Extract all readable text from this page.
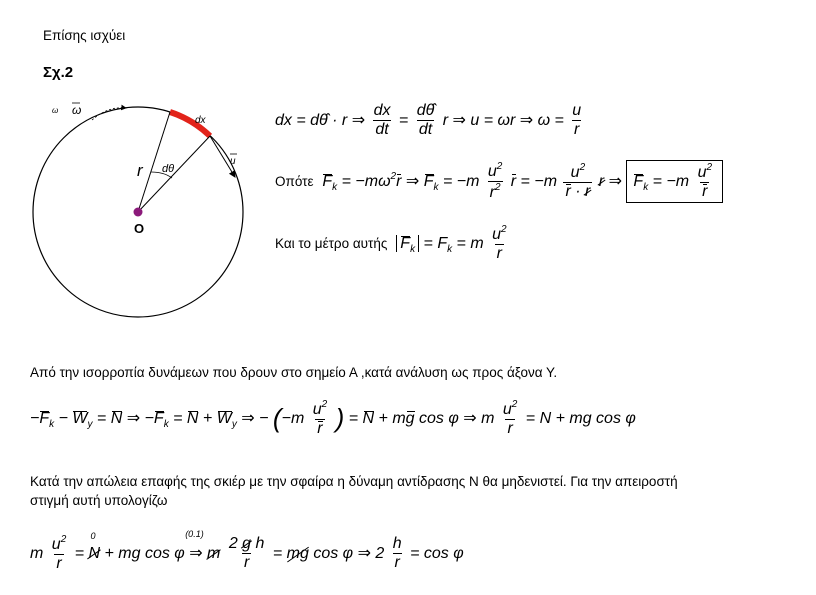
Επίσης ισχύει
Σχ.2
ω ω
dx
r dθ
u
O
dx = dθ̂ · r ⇒ $\frac{dx}{dt} = \frac{d\thetâ}{dt}$ r ⇒ u = ωr ⇒ $\omega = \frac{u}{r}$
Οπότε $F_k = -m\omega^2r$ ⇒ $F_k = -m \frac{u^2}{r^2}$ $r = -m \frac{u^2}{r \cdot r}$ r ⇒ $F_k = -m \frac{u^2}{r}$
Και το μέτρο αυτής $F_k = F_k = m \frac{u^2}{r}$
Από την ισορροπία δυνάμεων που δρουν στο σημείο Α ,κατά ανάλυση ως προς άξονα Υ.
$-F_k - W_y = N$ ⇒ $-F_k = N + W_y$ ⇒ − ($-m \frac{u^2}{r}$ ) = N + mg cos φ ⇒ m $\frac{u^2}{r} = N$ + mg cos φ
Κατά την απώλεια επαφής της σκιέρ με την σφαίρα η δύναμη αντίδρασης Ν θα μηδενιστεί. Για την απειροστή
στιγμή αυτή υπολογίζω
m $\frac{u^2}{r} = N$
0
+ mg cos φ ⇒
(0.1)
m $\frac{\text{2 g h}}{r}$ = mg cos φ ⇒ $2 \frac{h}{r} = \cos \varphi$
